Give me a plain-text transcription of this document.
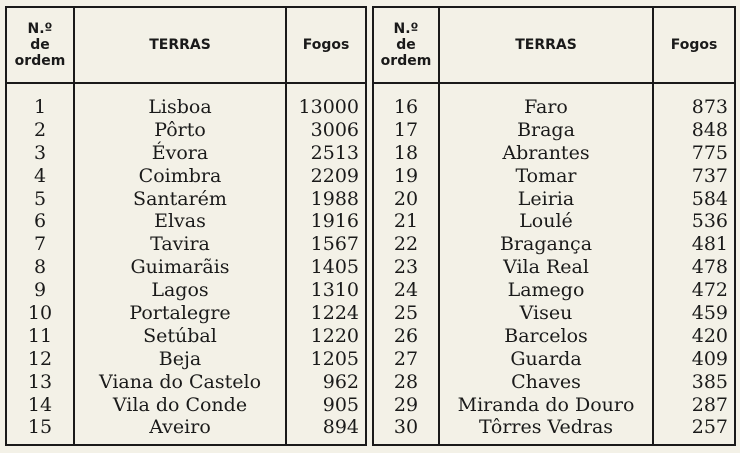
N.º
de
ordem
TERRAS	Fogos
1	Lisboa	13000
2	Pôrto	3006
3	Évora	2513
4	Coimbra	2209
5	Santarém	1988
6	Elvas	1916
7	Tavira	1567
8	Guimarãis	1405
9	Lagos	1310
10	Portalegre	1224
11	Setúbal	1220
12	Beja	1205
13	Viana do Castelo	962
14	Vila do Conde	905
15	Aveiro	894
N.º
de
ordem
TERRAS	Fogos
16	Faro	873
17	Braga	848
18	Abrantes	775
19	Tomar	737
20	Leiria	584
21	Loulé	536
22	Bragança	481
23	Vila Real	478
24	Lamego	472
25	Viseu	459
26	Barcelos	420
27	Guarda	409
28	Chaves	385
29	Miranda do Douro	287
30	Tôrres Vedras	257
